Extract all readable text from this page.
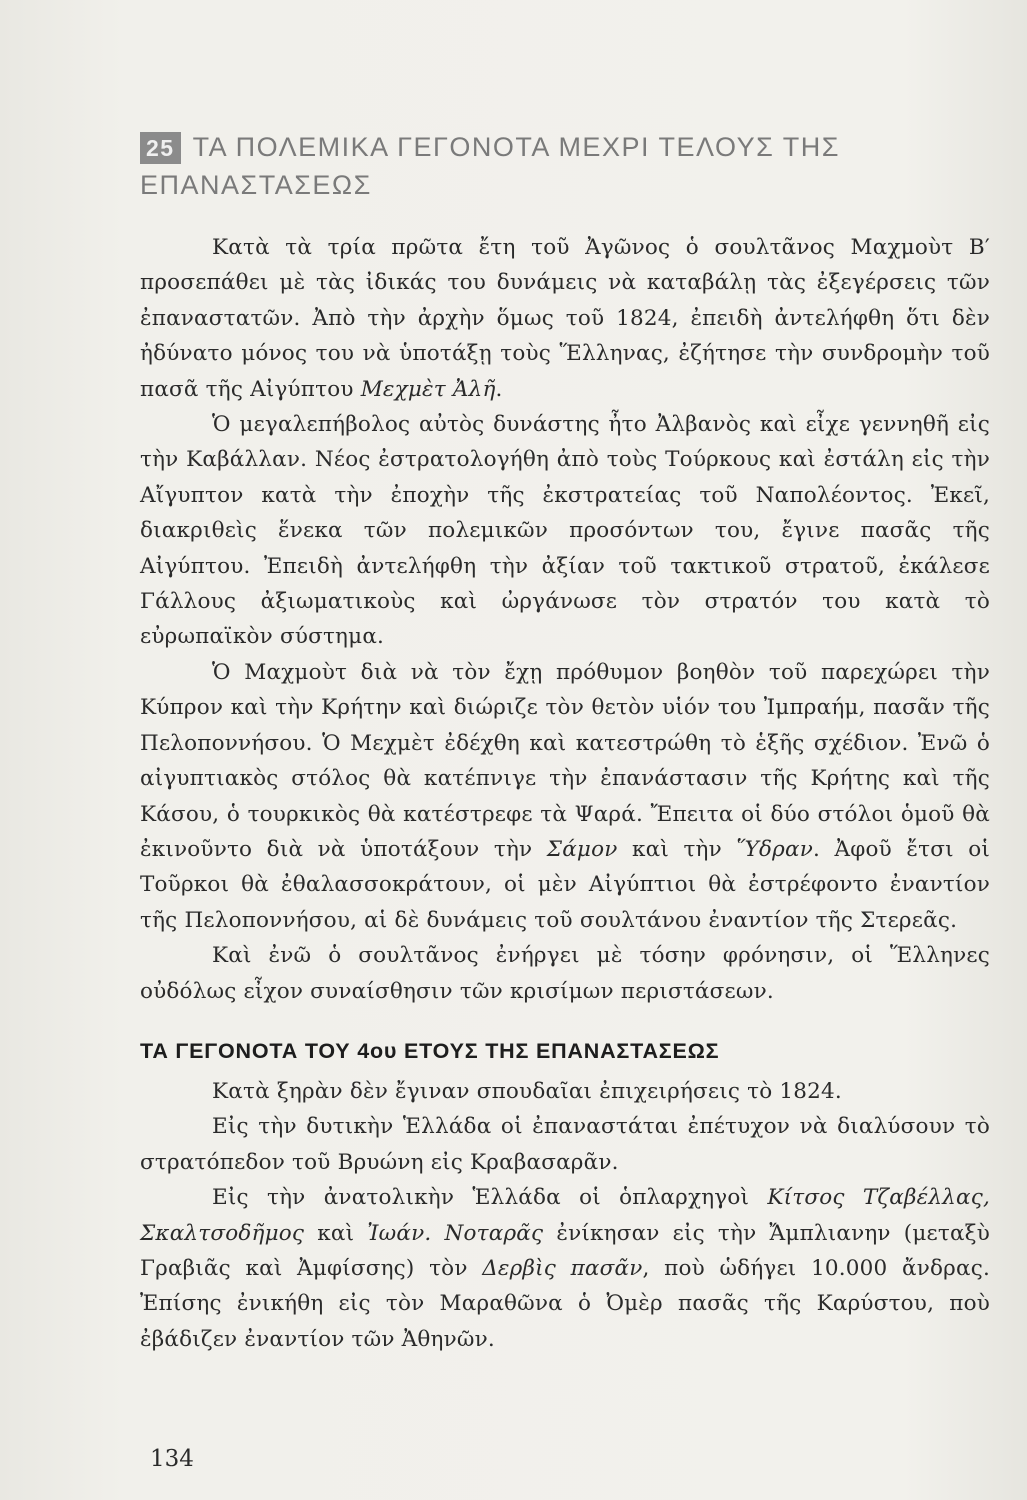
25 ΤΑ ΠΟΛΕΜΙΚΑ ΓΕΓΟΝΟΤΑ ΜΕΧΡΙ ΤΕΛΟΥΣ ΤΗΣ ΕΠΑΝΑΣΤΑΣΕΩΣ

Κατὰ τὰ τρία πρῶτα ἔτη τοῦ Ἀγῶνος ὁ σουλτᾶνος Μαχμοὺτ Β′ προσεπάθει μὲ τὰς ἰδικάς του δυνάμεις νὰ καταβάλῃ τὰς ἐξεγέρσεις τῶν ἐπαναστατῶν. Ἀπὸ τὴν ἀρχὴν ὅμως τοῦ 1824, ἐπειδὴ ἀντελήφθη ὅτι δὲν ἠδύνατο μόνος του νὰ ὑποτάξῃ τοὺς Ἕλληνας, ἐζήτησε τὴν συνδρομὴν τοῦ πασᾶ τῆς Αἰγύπτου Μεχμὲτ Ἀλῆ.

Ὁ μεγαλεπήβολος αὐτὸς δυνάστης ἦτο Ἀλβανὸς καὶ εἶχε γεννηθῆ εἰς τὴν Καβάλλαν. Νέος ἐστρατολογήθη ἀπὸ τοὺς Τούρκους καὶ ἐστάλη εἰς τὴν Αἴγυπτον κατὰ τὴν ἐποχὴν τῆς ἐκστρατείας τοῦ Ναπολέοντος. Ἐκεῖ, διακριθεὶς ἕνεκα τῶν πολεμικῶν προσόντων του, ἔγινε πασᾶς τῆς Αἰγύπτου. Ἐπειδὴ ἀντελήφθη τὴν ἀξίαν τοῦ τακτικοῦ στρατοῦ, ἐκάλεσε Γάλλους ἀξιωματικοὺς καὶ ὠργάνωσε τὸν στρατόν του κατὰ τὸ εὐρωπαϊκὸν σύστημα.

Ὁ Μαχμοὺτ διὰ νὰ τὸν ἔχῃ πρόθυμον βοηθὸν τοῦ παρεχώρει τὴν Κύπρον καὶ τὴν Κρήτην καὶ διώριζε τὸν θετὸν υἱόν του Ἰμπραήμ, πασᾶν τῆς Πελοποννήσου. Ὁ Μεχμὲτ ἐδέχθη καὶ κατεστρώθη τὸ ἑξῆς σχέδιον. Ἐνῶ ὁ αἰγυπτιακὸς στόλος θὰ κατέπνιγε τὴν ἐπανάστασιν τῆς Κρήτης καὶ τῆς Κάσου, ὁ τουρκικὸς θὰ κατέστρεφε τὰ Ψαρά. Ἔπειτα οἱ δύο στόλοι ὁμοῦ θὰ ἐκινοῦντο διὰ νὰ ὑποτάξουν τὴν Σάμον καὶ τὴν Ὕδραν. Ἀφοῦ ἔτσι οἱ Τοῦρκοι θὰ ἐθαλασσοκράτουν, οἱ μὲν Αἰγύπτιοι θὰ ἐστρέφοντο ἐναντίον τῆς Πελοποννήσου, αἱ δὲ δυνάμεις τοῦ σουλτάνου ἐναντίον τῆς Στερεᾶς.

Καὶ ἐνῶ ὁ σουλτᾶνος ἐνήργει μὲ τόσην φρόνησιν, οἱ Ἕλληνες οὐδόλως εἶχον συναίσθησιν τῶν κρισίμων περιστάσεων.

ΤΑ ΓΕΓΟΝΟΤΑ ΤΟΥ 4ου ΕΤΟΥΣ ΤΗΣ ΕΠΑΝΑΣΤΑΣΕΩΣ

Κατὰ ξηρὰν δὲν ἔγιναν σπουδαῖαι ἐπιχειρήσεις τὸ 1824.

Εἰς τὴν δυτικὴν Ἑλλάδα οἱ ἐπαναστάται ἐπέτυχον νὰ διαλύσουν τὸ στρατόπεδον τοῦ Βρυώνη εἰς Κραβασαρᾶν.

Εἰς τὴν ἀνατολικὴν Ἑλλάδα οἱ ὁπλαρχηγοὶ Κίτσος Τζαβέλλας, Σκαλτσοδῆμος καὶ Ἰωάν. Νοταρᾶς ἐνίκησαν εἰς τὴν Ἄμπλιανην (μεταξὺ Γραβιᾶς καὶ Ἀμφίσσης) τὸν Δερβὶς πασᾶν, ποὺ ὡδήγει 10.000 ἄνδρας. Ἐπίσης ἐνικήθη εἰς τὸν Μαραθῶνα ὁ Ὀμὲρ πασᾶς τῆς Καρύστου, ποὺ ἐβάδιζεν ἐναντίον τῶν Ἀθηνῶν.

134
